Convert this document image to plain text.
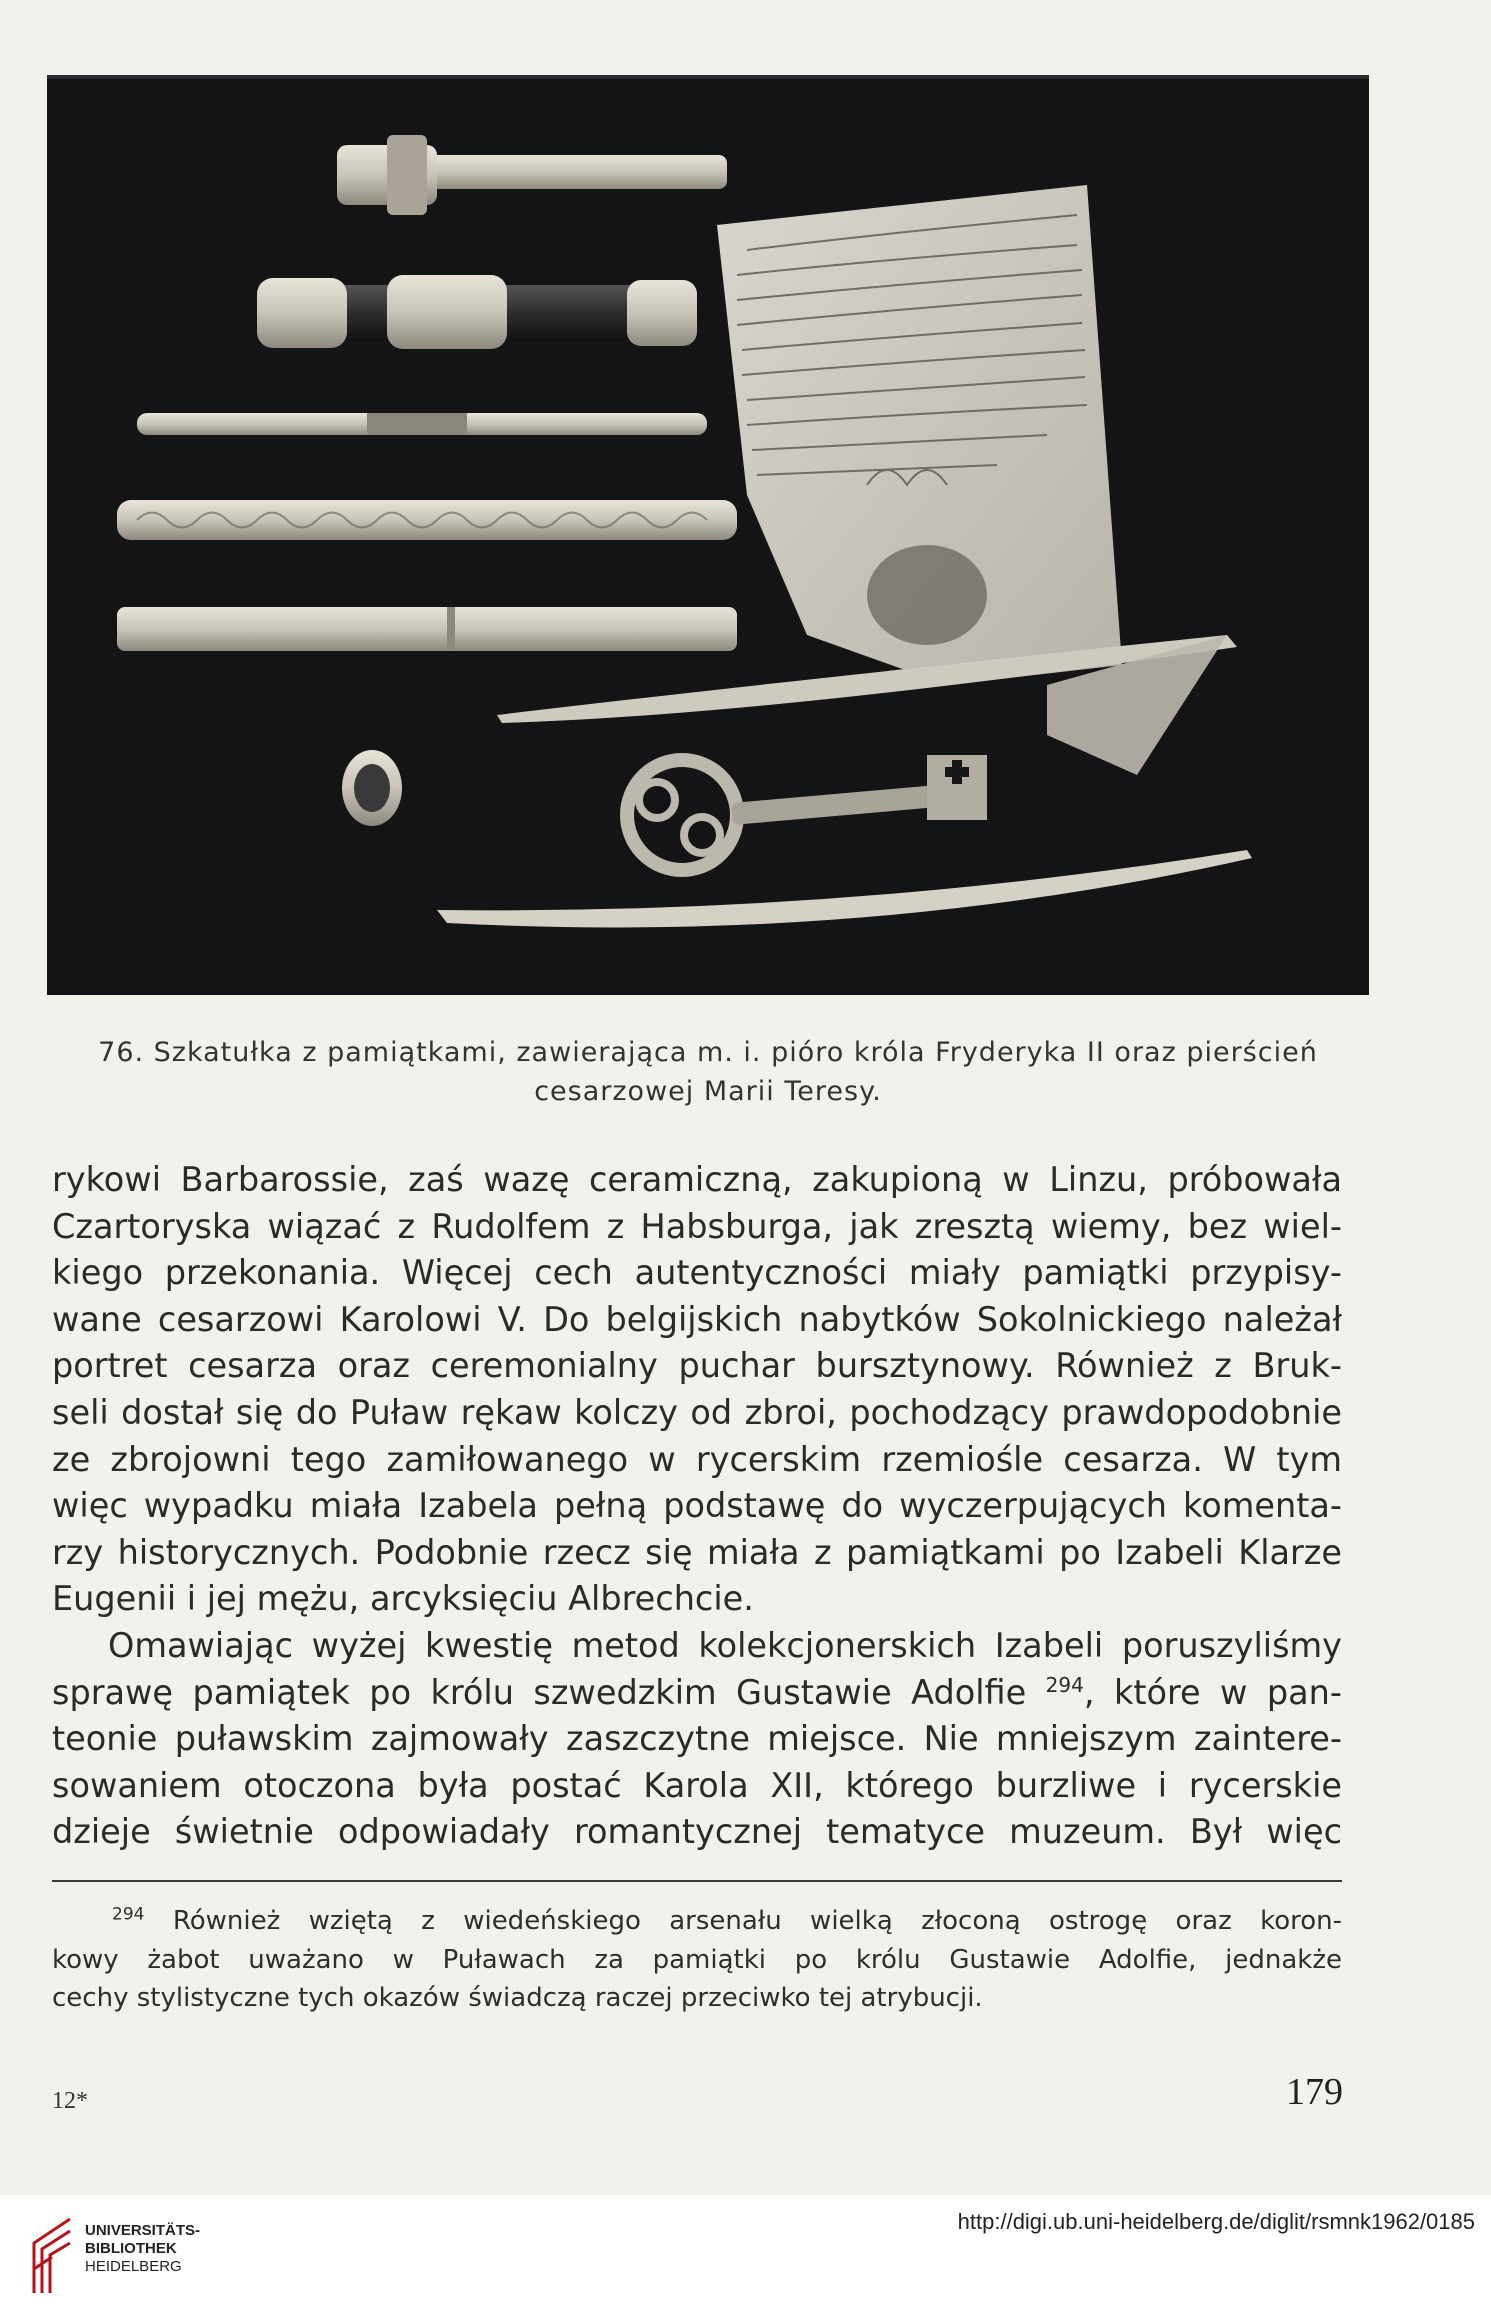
76. Szkatułka z pamiątkami, zawierająca m. i. pióro króla Fryderyka II oraz pierścień
cesarzowej Marii Teresy.
rykowi Barbarossie, zaś wazę ceramiczną, zakupioną w Linzu, próbowała
Czartoryska wiązać z Rudolfem z Habsburga, jak zresztą wiemy, bez wiel-
kiego przekonania. Więcej cech autentyczności miały pamiątki przypisy-
wane cesarzowi Karolowi V. Do belgijskich nabytków Sokolnickiego należał
portret cesarza oraz ceremonialny puchar bursztynowy. Również z Bruk-
seli dostał się do Puław rękaw kolczy od zbroi, pochodzący prawdopodobnie
ze zbrojowni tego zamiłowanego w rycerskim rzemiośle cesarza. W tym
więc wypadku miała Izabela pełną podstawę do wyczerpujących komenta-
rzy historycznych. Podobnie rzecz się miała z pamiątkami po Izabeli Klarze
Eugenii i jej mężu, arcyksięciu Albrechcie.
Omawiając wyżej kwestię metod kolekcjonerskich Izabeli poruszyliśmy
sprawę pamiątek po królu szwedzkim Gustawie Adolfie $^{294}$, które w pan-
teonie puławskim zajmowały zaszczytne miejsce. Nie mniejszym zaintere-
sowaniem otoczona była postać Karola XII, którego burzliwe i rycerskie
dzieje świetnie odpowiadały romantycznej tematyce muzeum. Był więc
$^{294}$ Również wziętą z wiedeńskiego arsenału wielką złoconą ostrogę oraz koron-
kowy żabot uważano w Puławach za pamiątki po królu Gustawie Adolfie, jednakże
cechy stylistyczne tych okazów świadczą raczej przeciwko tej atrybucji.
12*	179
UNIVERSITÄTS-
BIBLIOTHEK
HEIDELBERG
http://digi.ub.uni-heidelberg.de/diglit/rsmnk1962/0185
